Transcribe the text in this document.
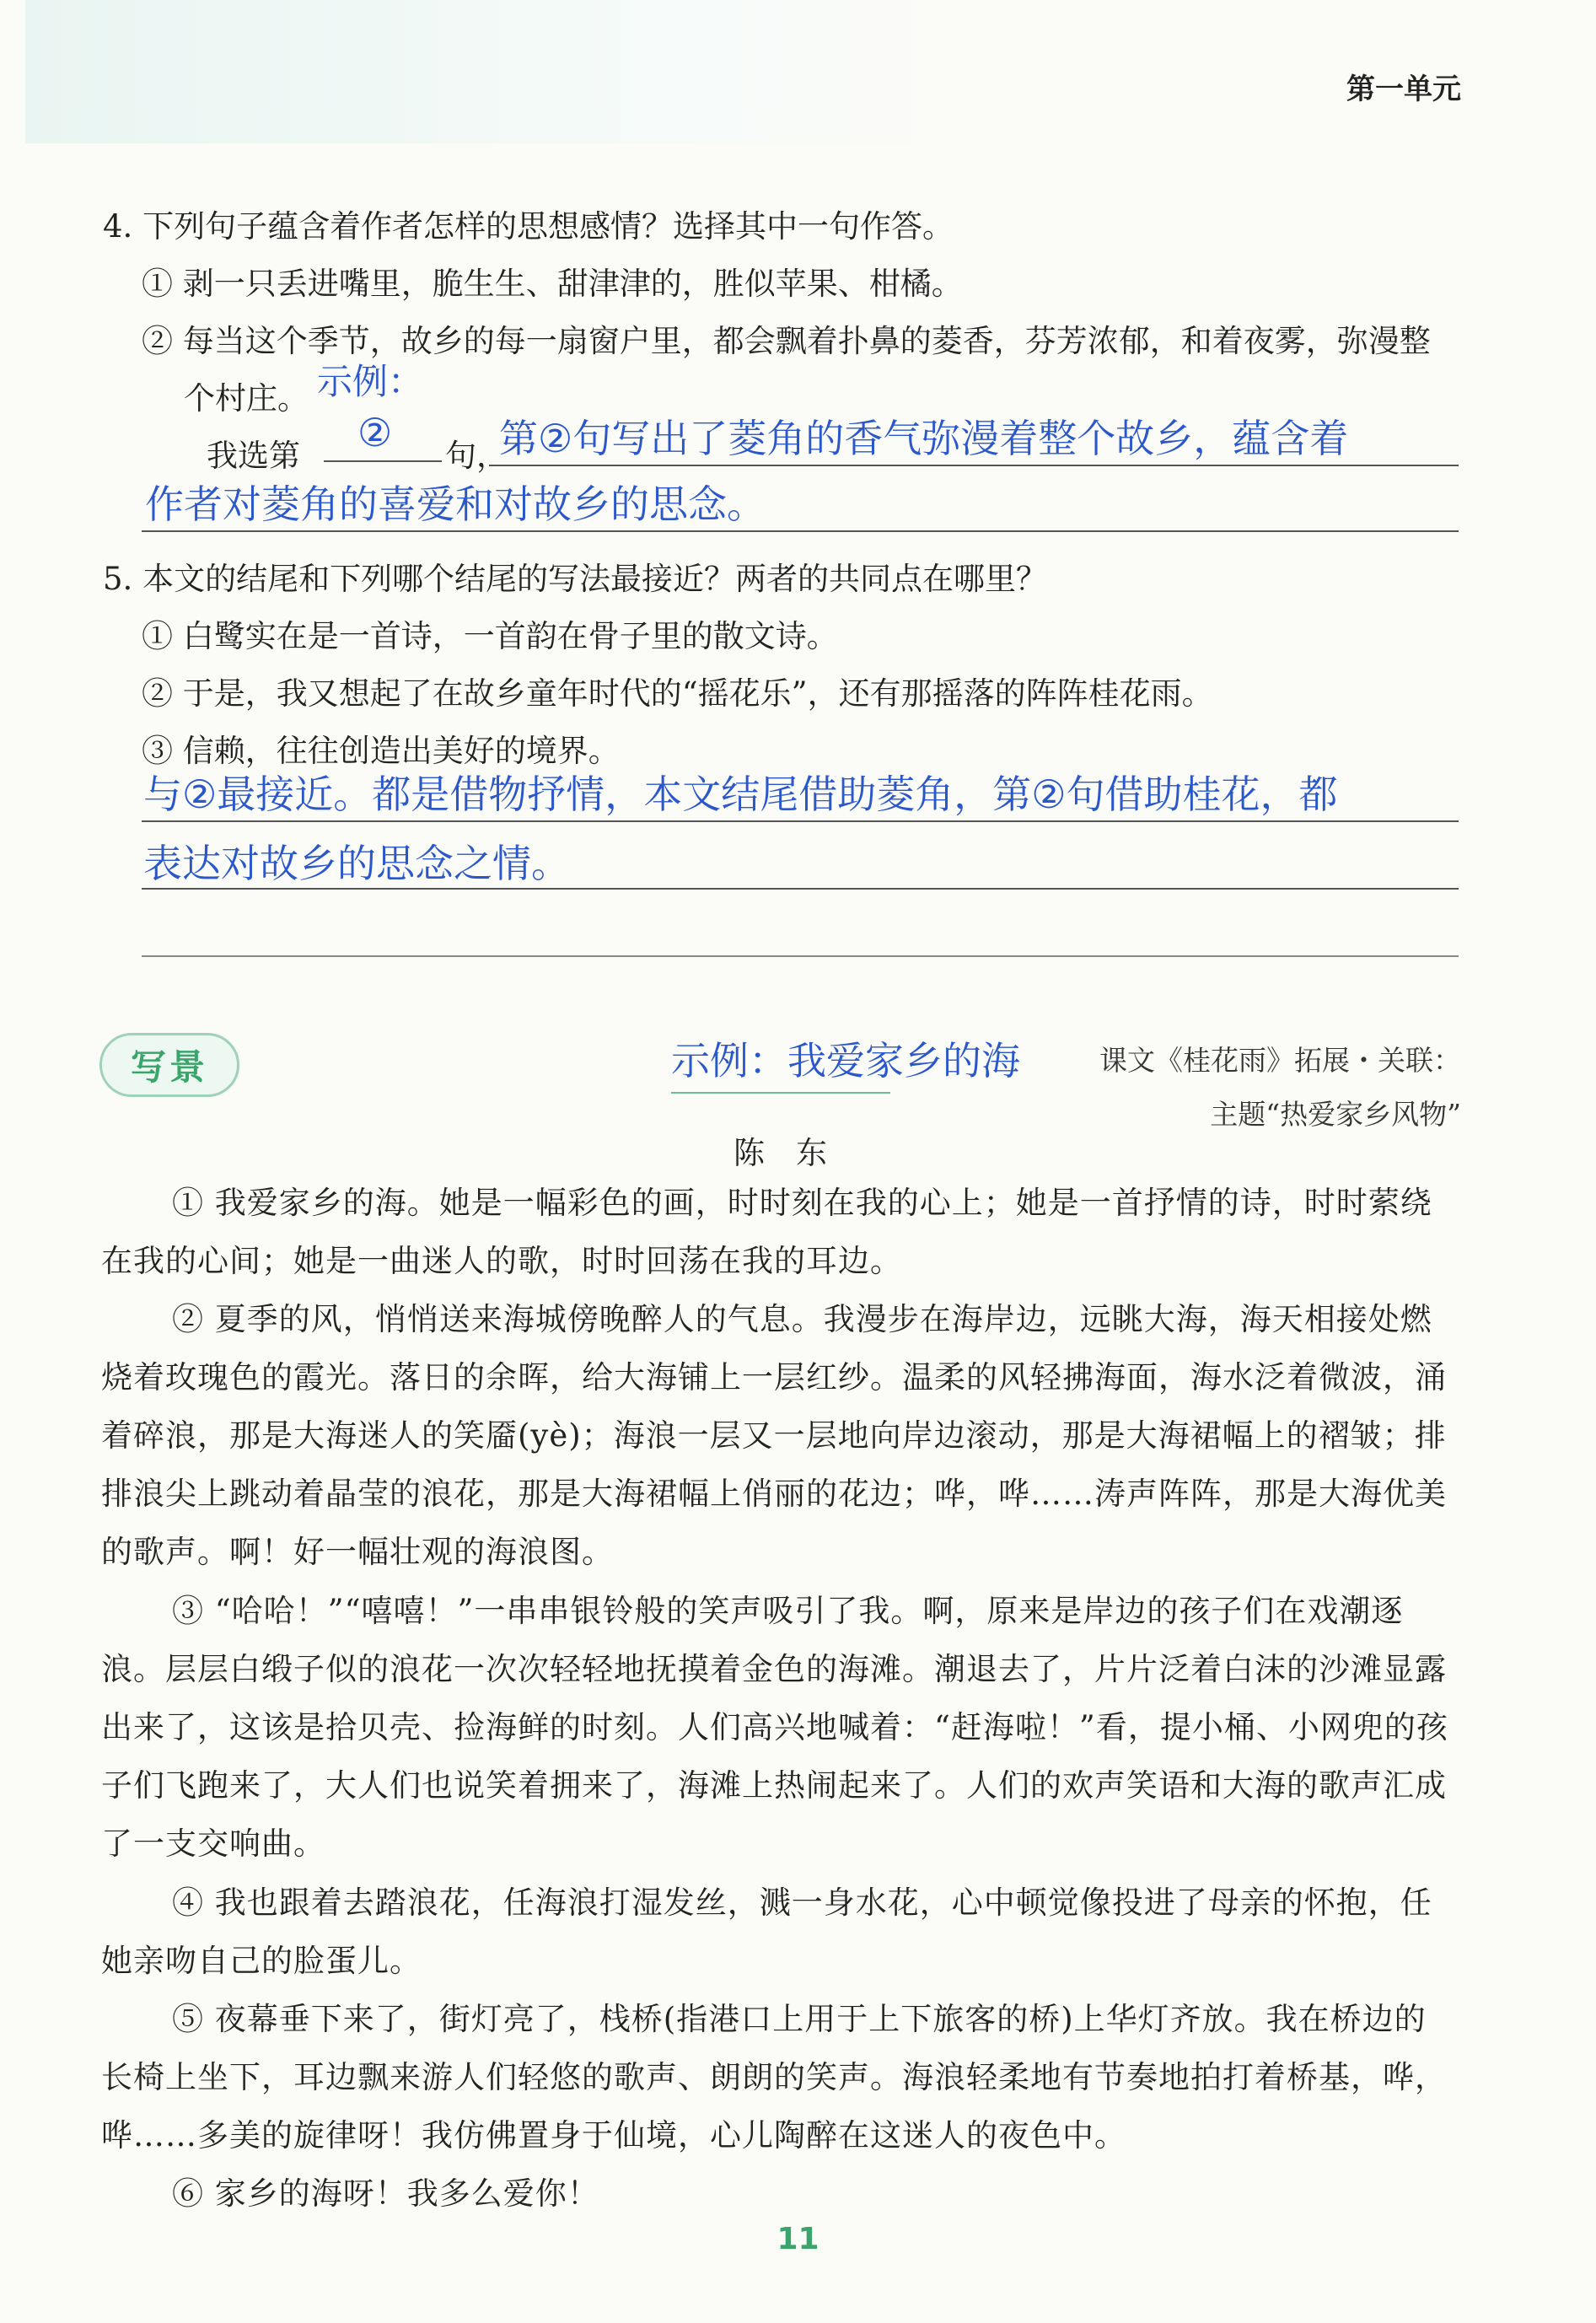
第一单元
4. 下列句子蕴含着作者怎样的思想感情？选择其中一句作答。
① 剥一只丢进嘴里，脆生生、甜津津的，胜似苹果、柑橘。
② 每当这个季节，故乡的每一扇窗户里，都会飘着扑鼻的菱香，芬芳浓郁，和着夜雾，弥漫整
个村庄。 示例：
我选第
②
句，
第②句写出了菱角的香气弥漫着整个故乡，蕴含着
作者对菱角的喜爱和对故乡的思念。
5. 本文的结尾和下列哪个结尾的写法最接近？两者的共同点在哪里？
① 白鹭实在是一首诗，一首韵在骨子里的散文诗。
② 于是，我又想起了在故乡童年时代的“摇花乐”，还有那摇落的阵阵桂花雨。
③ 信赖，往往创造出美好的境界。
与②最接近。都是借物抒情，本文结尾借助菱角，第②句借助桂花，都
表达对故乡的思念之情。
写景	示例：我爱家乡的海	课文《桂花雨》拓展・关联：
主题“热爱家乡风物”
陈　东
① 我爱家乡的海。她是一幅彩色的画，时时刻在我的心上；她是一首抒情的诗，时时萦绕在我的心间；她是一曲迷人的歌，时时回荡在我的耳边。
② 夏季的风，悄悄送来海城傍晚醉人的气息。我漫步在海岸边，远眺大海，海天相接处燃烧着玫瑰色的霞光。落日的余晖，给大海铺上一层红纱。温柔的风轻拂海面，海水泛着微波，涌着碎浪，那是大海迷人的笑靥(yè)；海浪一层又一层地向岸边滚动，那是大海裙幅上的褶皱；排排浪尖上跳动着晶莹的浪花，那是大海裙幅上俏丽的花边；哗，哗……涛声阵阵，那是大海优美的歌声。啊！好一幅壮观的海浪图。
③ “哈哈！”“嘻嘻！”一串串银铃般的笑声吸引了我。啊，原来是岸边的孩子们在戏潮逐浪。层层白缎子似的浪花一次次轻轻地抚摸着金色的海滩。潮退去了，片片泛着白沫的沙滩显露出来了，这该是拾贝壳、捡海鲜的时刻。人们高兴地喊着：“赶海啦！”看，提小桶、小网兜的孩子们飞跑来了，大人们也说笑着拥来了，海滩上热闹起来了。人们的欢声笑语和大海的歌声汇成了一支交响曲。
④ 我也跟着去踏浪花，任海浪打湿发丝，溅一身水花，心中顿觉像投进了母亲的怀抱，任她亲吻自己的脸蛋儿。
⑤ 夜幕垂下来了，街灯亮了，栈桥(指港口上用于上下旅客的桥)上华灯齐放。我在桥边的长椅上坐下，耳边飘来游人们轻悠的歌声、朗朗的笑声。海浪轻柔地有节奏地拍打着桥基，哗，哗……多美的旋律呀！我仿佛置身于仙境，心儿陶醉在这迷人的夜色中。
⑥ 家乡的海呀！我多么爱你！
11
